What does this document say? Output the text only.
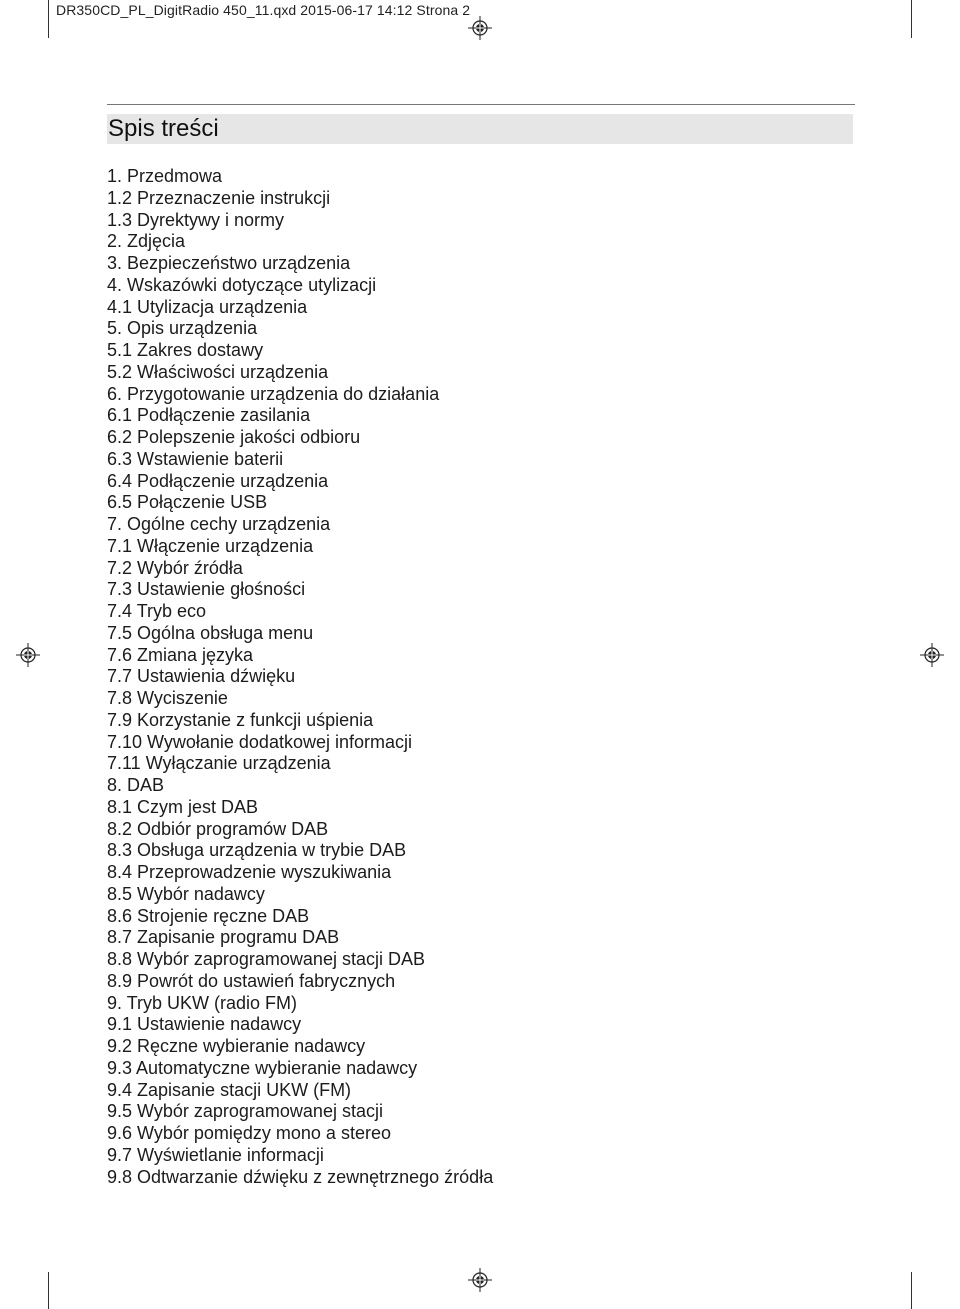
DR350CD_PL_DigitRadio 450_11.qxd 2015-06-17 14:12 Strona 2
Spis treści
1. Przedmowa
1.2 Przeznaczenie instrukcji
1.3 Dyrektywy i normy
2. Zdjęcia
3. Bezpieczeństwo urządzenia
4. Wskazówki dotyczące utylizacji
4.1 Utylizacja urządzenia
5. Opis urządzenia
5.1 Zakres dostawy
5.2 Właściwości urządzenia
6. Przygotowanie urządzenia do działania
6.1 Podłączenie zasilania
6.2 Polepszenie jakości odbioru
6.3 Wstawienie baterii
6.4 Podłączenie urządzenia
6.5 Połączenie USB
7. Ogólne cechy urządzenia
7.1 Włączenie urządzenia
7.2 Wybór źródła
7.3 Ustawienie głośności
7.4 Tryb eco
7.5 Ogólna obsługa menu
7.6 Zmiana języka
7.7 Ustawienia dźwięku
7.8 Wyciszenie
7.9 Korzystanie z funkcji uśpienia
7.10 Wywołanie dodatkowej informacji
7.11 Wyłączanie urządzenia
8. DAB
8.1 Czym jest DAB
8.2 Odbiór programów DAB
8.3 Obsługa urządzenia w trybie DAB
8.4 Przeprowadzenie wyszukiwania
8.5 Wybór nadawcy
8.6 Strojenie ręczne DAB
8.7 Zapisanie programu DAB
8.8 Wybór zaprogramowanej stacji DAB
8.9 Powrót do ustawień fabrycznych
9. Tryb UKW (radio FM)
9.1 Ustawienie nadawcy
9.2 Ręczne wybieranie nadawcy
9.3 Automatyczne wybieranie nadawcy
9.4 Zapisanie stacji UKW (FM)
9.5 Wybór zaprogramowanej stacji
9.6 Wybór pomiędzy mono a stereo
9.7 Wyświetlanie informacji
9.8 Odtwarzanie dźwięku z zewnętrznego źródła
